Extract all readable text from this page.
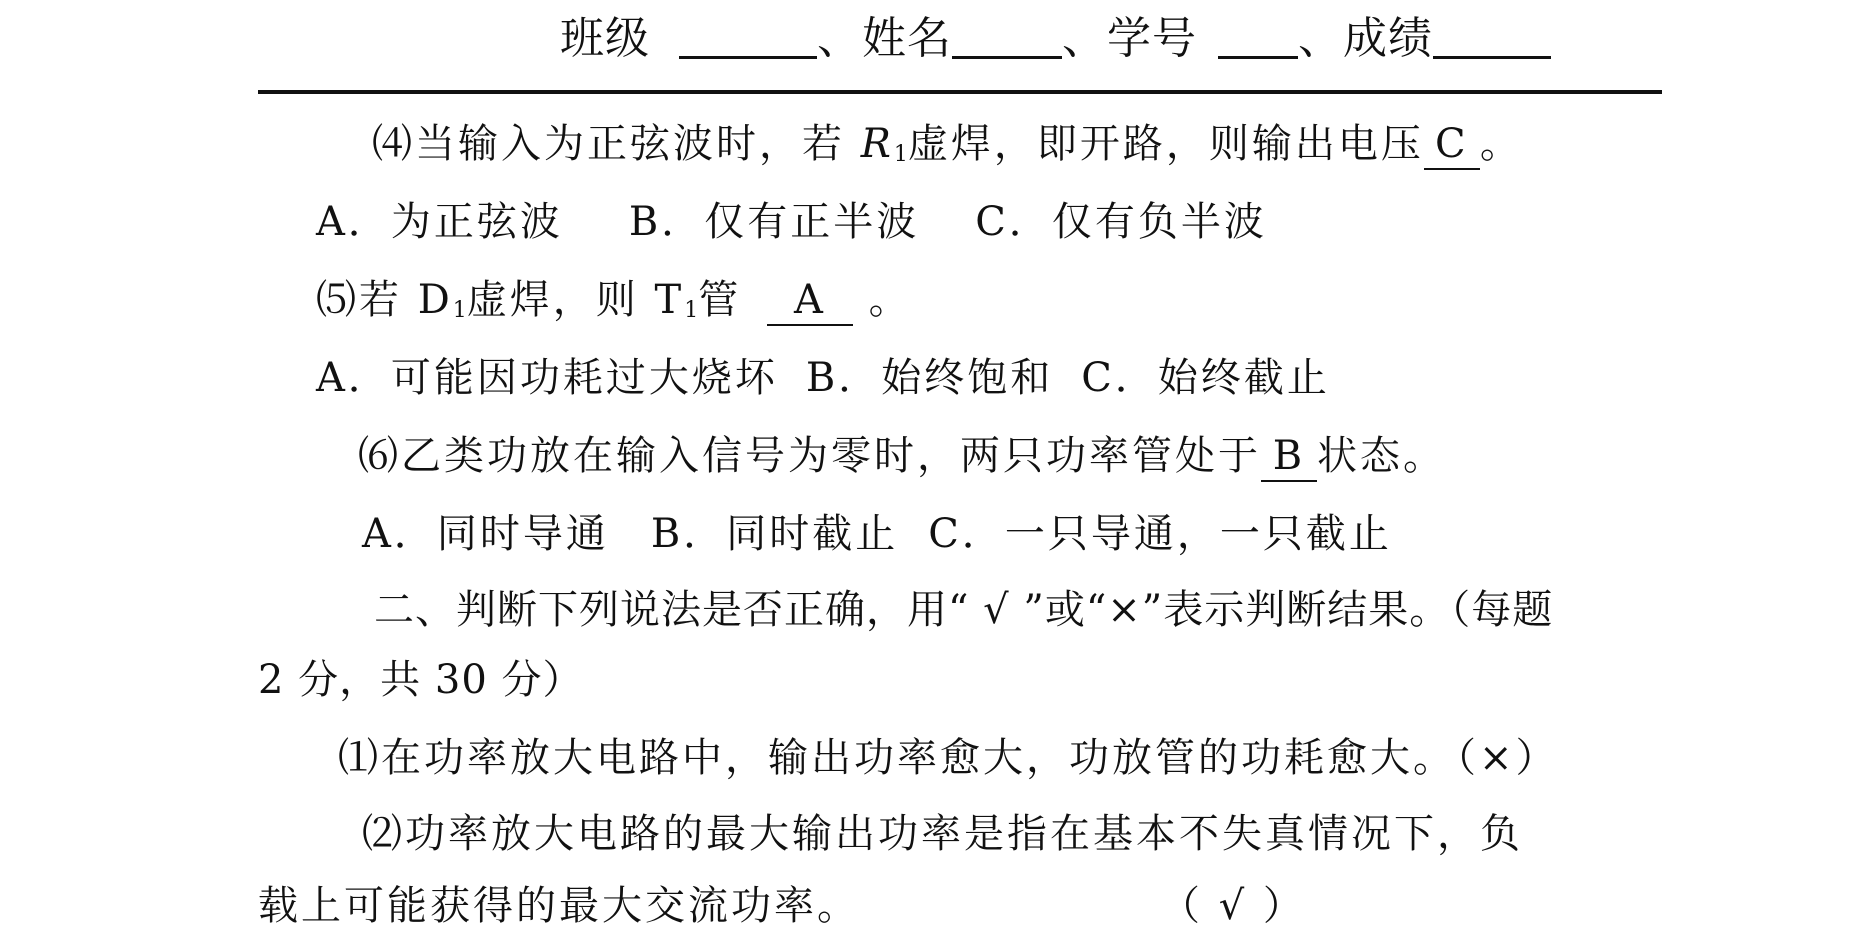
班级	、姓名	、学号 、成绩
⑷当输入为正弦波时，若 $R_1$虚焊，即开路，则输出电压 C 。
A．为正弦波 B．仅有正半波 C．仅有负半波
⑸若 $D_1$虚焊，则 $T_1$管 A 。
A．可能因功耗过大烧坏 B．始终饱和 C．始终截止
⑹乙类功放在输入信号为零时，两只功率管处于 B 状态。
A．同时导通 B．同时截止 C．一只导通，一只截止
二、判断下列说法是否正确，用“ √ ”或“×”表示判断结果。（每题
2 分，共 30 分）
⑴在功率放大电路中，输出功率愈大，功放管的功耗愈大。（×）
⑵功率放大电路的最大输出功率是指在基本不失真情况下，负
载上可能获得的最大交流功率。	（ √ ）
